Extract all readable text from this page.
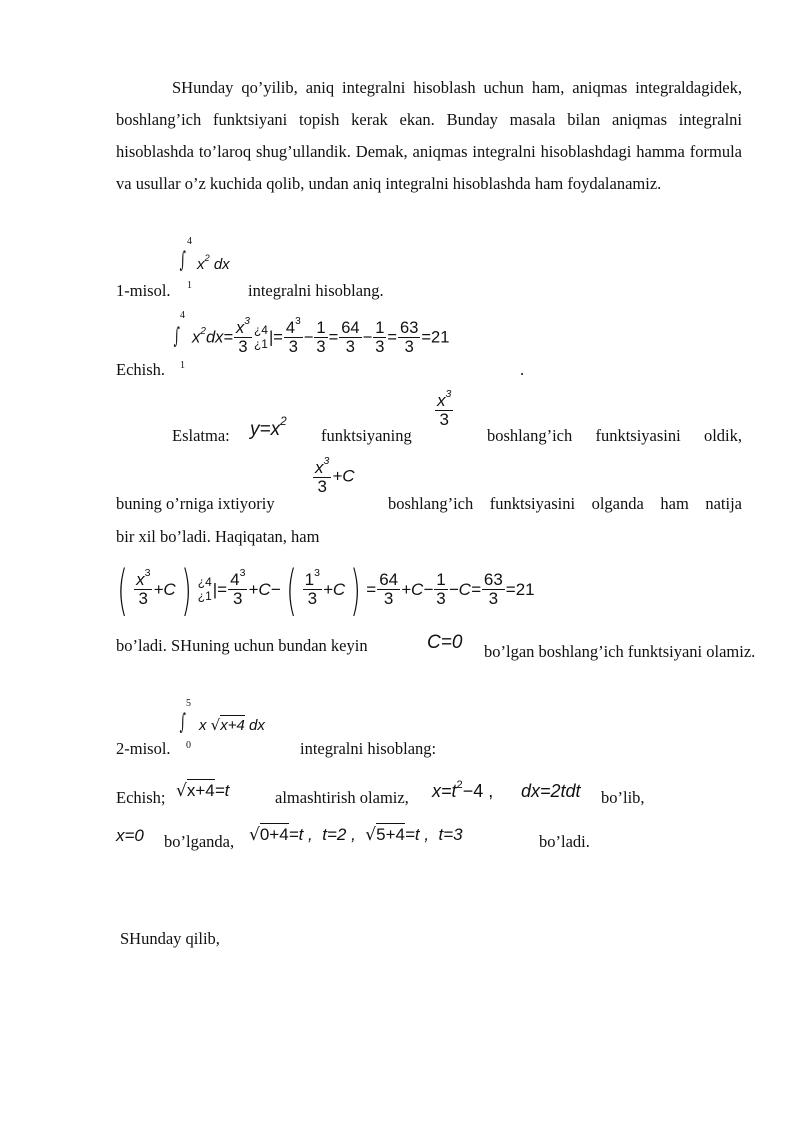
SHunday qo’yilib, aniq integralni hisoblash uchun ham, aniqmas integraldagidek, boshlang’ich funktsiyani topish kerak ekan. Bunday masala bilan aniqmas integralni hisoblashda to’laroq shug’ullandik. Demak, aniqmas integralni hisoblashdagi hamma formula va usullar o’z kuchida qolib, undan aniq integralni hisoblashda ham foydalanamiz.

4
∫ $x^2$ dx
1
1-misol.	integralni hisoblang.
Echish.
4
∫
1
$x^2dx= \frac{x^3}{3}$ ¿4
¿1 |= $\frac{4^3}{3} - \frac{1}{3} = \frac{64}{3} - \frac{1}{3} = \frac{63}{3} =21$
.
Eslatma: $y=x^2$
funktsiyaning
$\frac{x^3}{3}$
boshlang’ich funktsiyasini oldik,
buning o’rniga ixtiyoriy
$\frac{x^3}{3} +C$
boshlang’ich funktsiyasini olganda ham natija
bir xil bo’ladi. Haqiqatan, ham
( $\frac{x^3}{3} +C$ ) ¿4
¿1 |= $\frac{4^3}{3} +C-$ ( $\frac{1^3}{3} +C$ ) = $\frac{64}{3} +C- \frac{1}{3} -C= \frac{63}{3} =21$
bo’ladi. SHuning uchun bundan keyin	C=0	bo’lgan boshlang’ich funktsiyani olamiz.
5
∫ x √x+4 dx
0
2-misol.	integralni hisoblang:
Echish; √x+4=t	almashtirish olamiz, $x=t^2-4$ , dx=2tdt bo’lib,
x=0 bo’lganda, √0+4=t , t=2 , √5+4=t , t=3	bo’ladi.
SHunday qilib,
